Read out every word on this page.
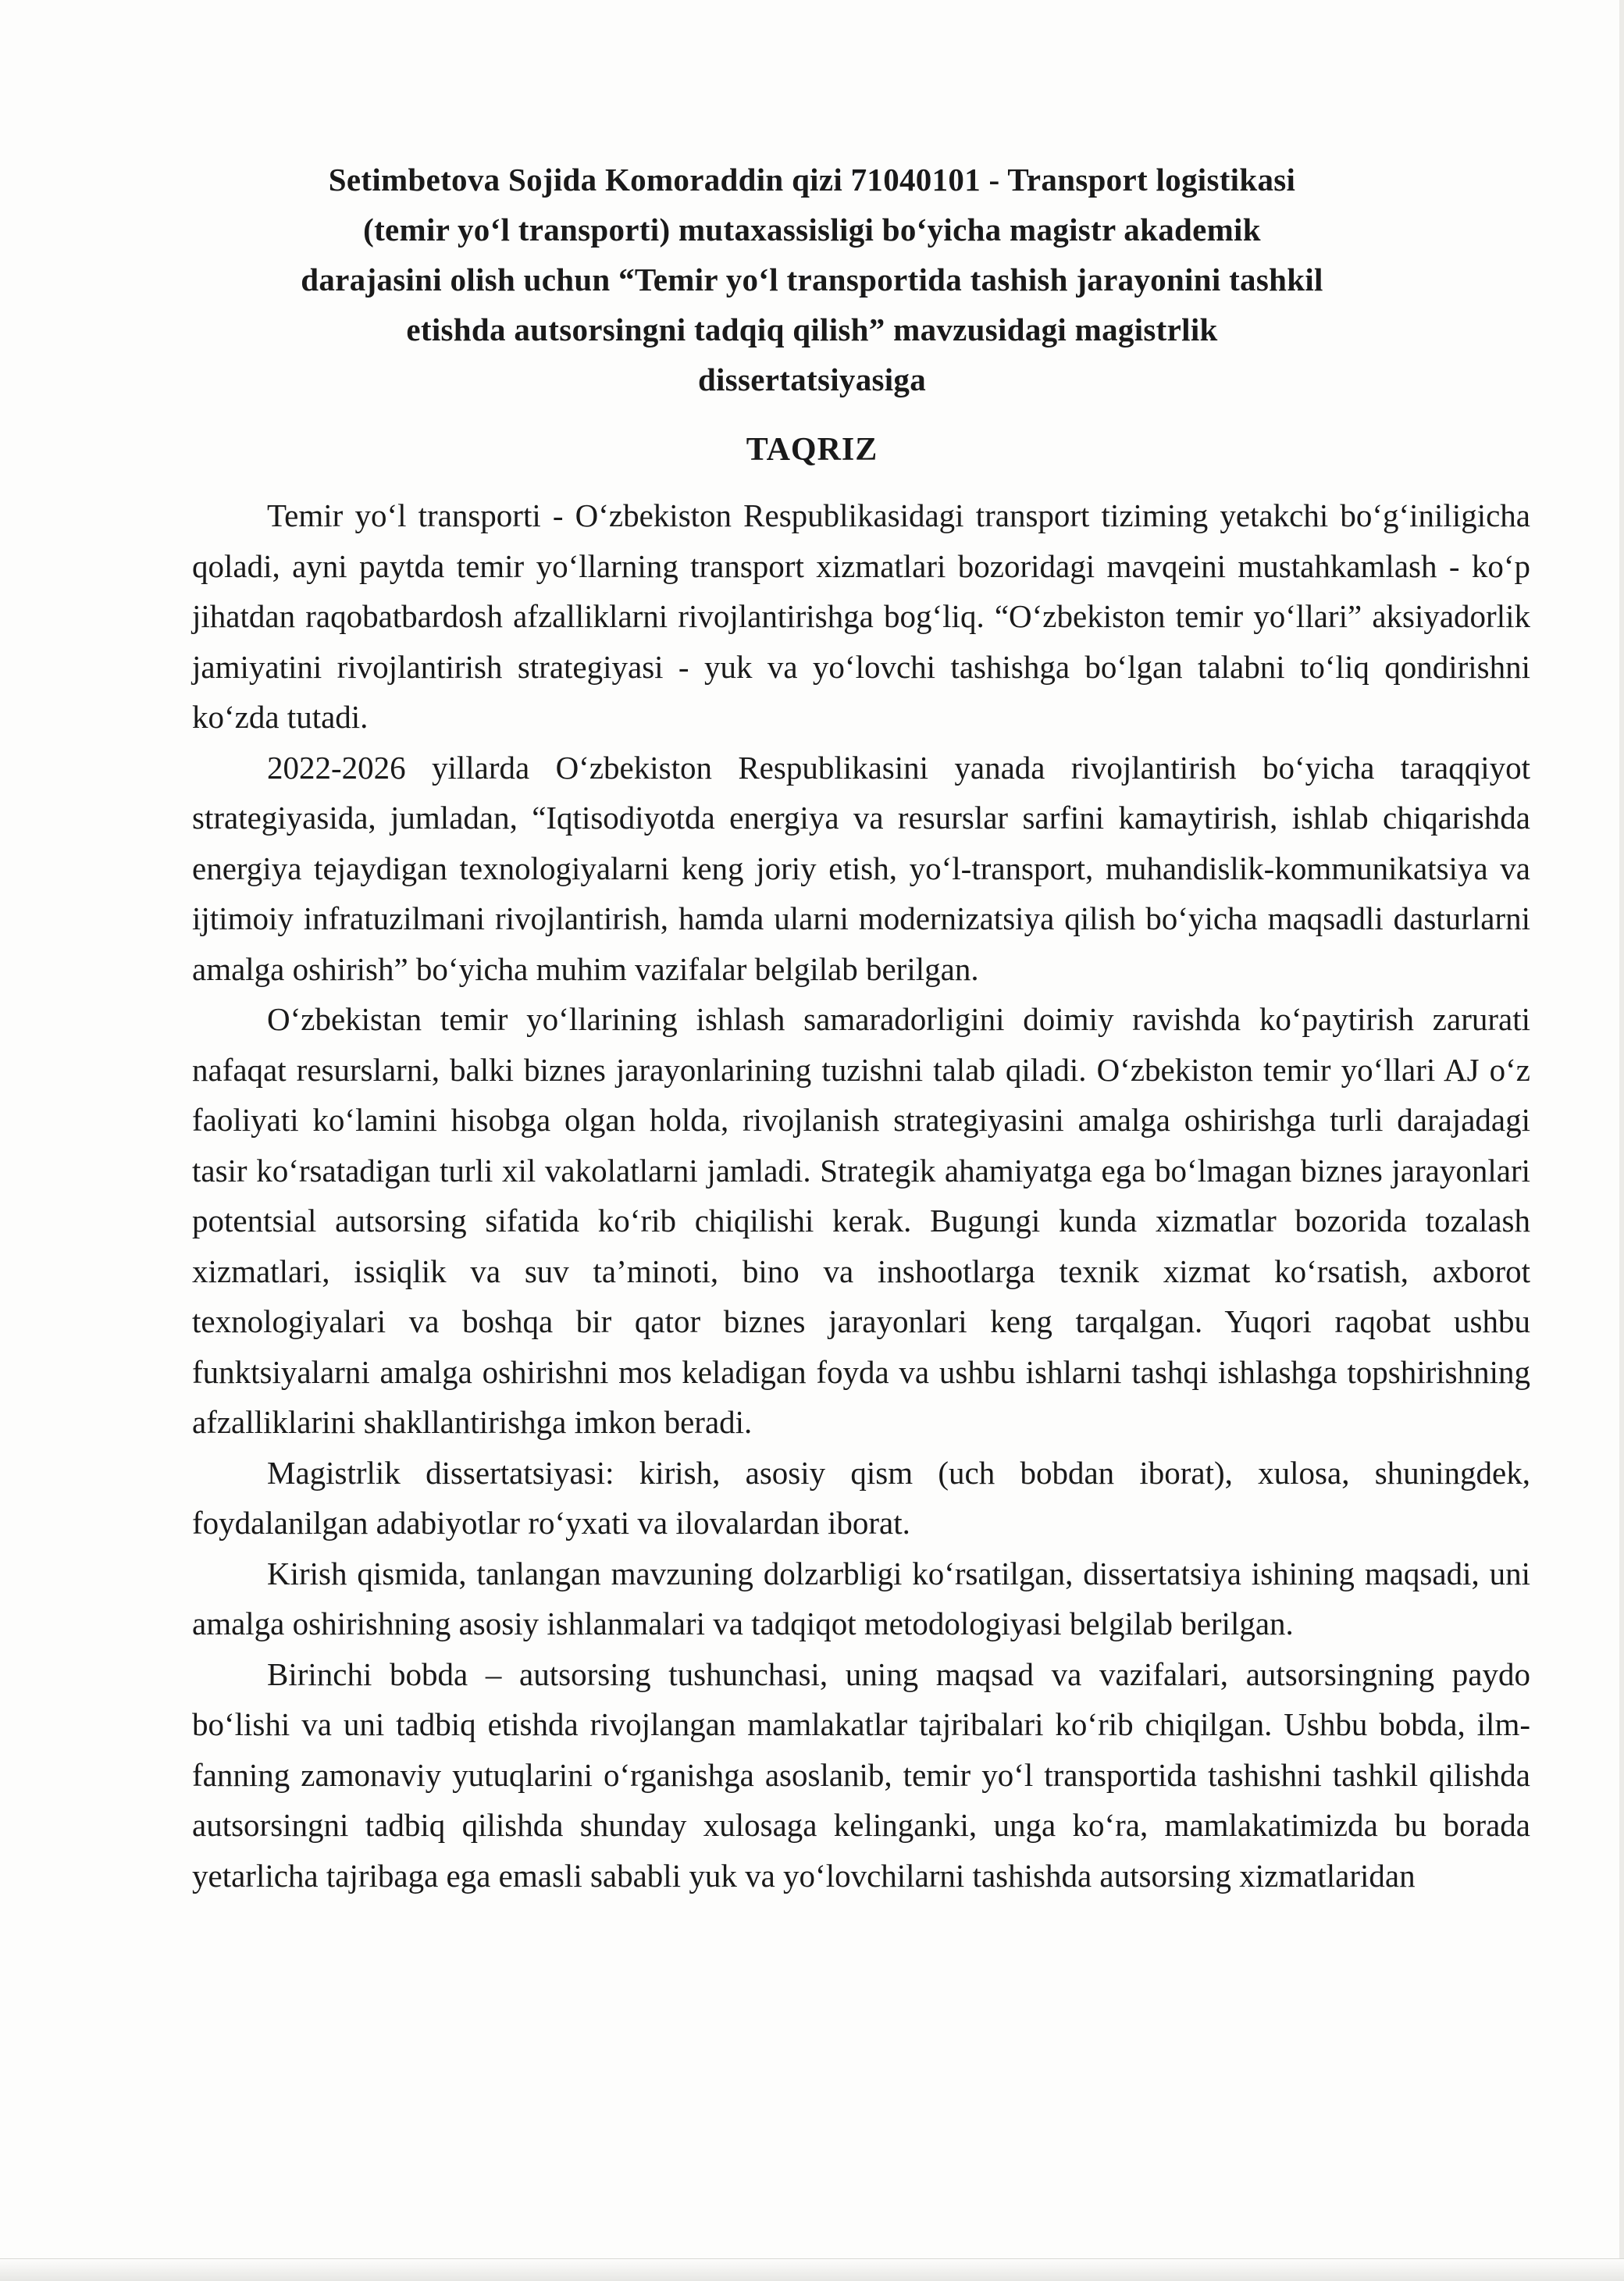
Setimbetova Sojida Komoraddin qizi 71040101 - Transport logistikasi (temir yo‘l transporti) mutaxassisligi bo‘yicha magistr akademik darajasini olish uchun “Temir yo‘l transportida tashish jarayonini tashkil etishda autsorsingni tadqiq qilish” mavzusidagi magistrlik dissertatsiyasiga
TAQRIZ

Temir yo‘l transporti - O‘zbekiston Respublikasidagi transport tiziming yetakchi bo‘g‘iniligicha qoladi, ayni paytda temir yo‘llarning transport xizmatlari bozoridagi mavqeini mustahkamlash - ko‘p jihatdan raqobatbardosh afzalliklarni rivojlantirishga bog‘liq. “O‘zbekiston temir yo‘llari” aksiyadorlik jamiyatini rivojlantirish strategiyasi - yuk va yo‘lovchi tashishga bo‘lgan talabni to‘liq qondirishni ko‘zda tutadi.

2022-2026 yillarda O‘zbekiston Respublikasini yanada rivojlantirish bo‘yicha taraqqiyot strategiyasida, jumladan, “Iqtisodiyotda energiya va resurslar sarfini kamaytirish, ishlab chiqarishda energiya tejaydigan texnologiyalarni keng joriy etish, yo‘l-transport, muhandislik-kommunikatsiya va ijtimoiy infratuzilmani rivojlantirish, hamda ularni modernizatsiya qilish bo‘yicha maqsadli dasturlarni amalga oshirish” bo‘yicha muhim vazifalar belgilab berilgan.

O‘zbekistan temir yo‘llarining ishlash samaradorligini doimiy ravishda ko‘paytirish zarurati nafaqat resurslarni, balki biznes jarayonlarining tuzishni talab qiladi. O‘zbekiston temir yo‘llari AJ o‘z faoliyati ko‘lamini hisobga olgan holda, rivojlanish strategiyasini amalga oshirishga turli darajadagi tasir ko‘rsatadigan turli xil vakolatlarni jamladi. Strategik ahamiyatga ega bo‘lmagan biznes jarayonlari potentsial autsorsing sifatida ko‘rib chiqilishi kerak. Bugungi kunda xizmatlar bozorida tozalash xizmatlari, issiqlik va suv ta’minoti, bino va inshootlarga texnik xizmat ko‘rsatish, axborot texnologiyalari va boshqa bir qator biznes jarayonlari keng tarqalgan. Yuqori raqobat ushbu funktsiyalarni amalga oshirishni mos keladigan foyda va ushbu ishlarni tashqi ishlashga topshirishning afzalliklarini shakllantirishga imkon beradi.

Magistrlik dissertatsiyasi: kirish, asosiy qism (uch bobdan iborat), xulosa, shuningdek, foydalanilgan adabiyotlar ro‘yxati va ilovalardan iborat.

Kirish qismida, tanlangan mavzuning dolzarbligi ko‘rsatilgan, dissertatsiya ishining maqsadi, uni amalga oshirishning asosiy ishlanmalari va tadqiqot metodologiyasi belgilab berilgan.

Birinchi bobda – autsorsing tushunchasi, uning maqsad va vazifalari, autsorsingning paydo bo‘lishi va uni tadbiq etishda rivojlangan mamlakatlar tajribalari ko‘rib chiqilgan. Ushbu bobda, ilm-fanning zamonaviy yutuqlarini o‘rganishga asoslanib, temir yo‘l transportida tashishni tashkil qilishda autsorsingni tadbiq qilishda shunday xulosaga kelinganki, unga ko‘ra, mamlakatimizda bu borada yetarlicha tajribaga ega emasli sababli yuk va yo‘lovchilarni tashishda autsorsing xizmatlaridan
